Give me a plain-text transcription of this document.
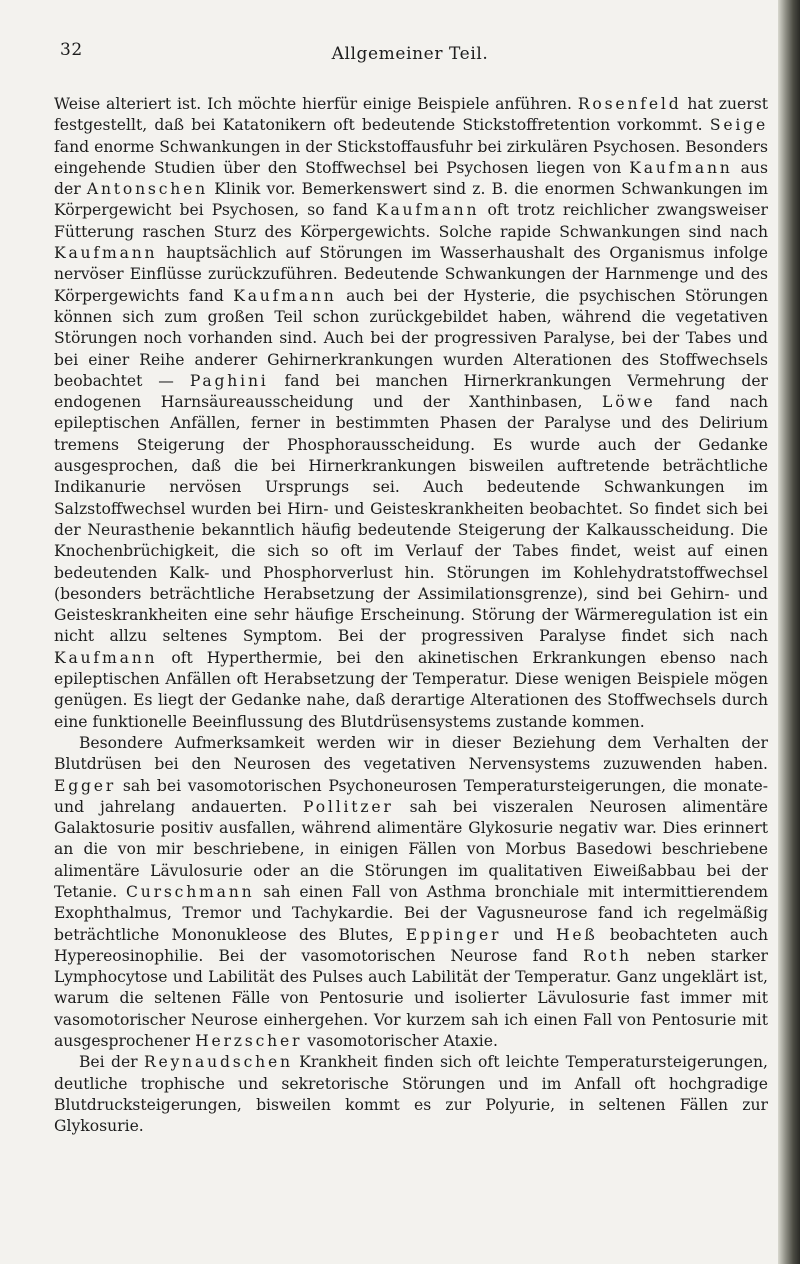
32	Allgemeiner Teil.

Weise alteriert ist. Ich möchte hierfür einige Beispiele anführen. Rosenfeld hat zuerst festgestellt, daß bei Katatonikern oft bedeutende Stickstoffretention vorkommt. Seige fand enorme Schwankungen in der Stickstoffausfuhr bei zirkulären Psychosen. Besonders eingehende Studien über den Stoffwechsel bei Psychosen liegen von Kaufmann aus der Antonschen Klinik vor. Bemerkenswert sind z. B. die enormen Schwankungen im Körpergewicht bei Psychosen, so fand Kaufmann oft trotz reichlicher zwangsweiser Fütterung raschen Sturz des Körpergewichts. Solche rapide Schwankungen sind nach Kaufmann hauptsächlich auf Störungen im Wasserhaushalt des Organismus infolge nervöser Einflüsse zurückzuführen. Bedeutende Schwankungen der Harnmenge und des Körpergewichts fand Kaufmann auch bei der Hysterie, die psychischen Störungen können sich zum großen Teil schon zurückgebildet haben, während die vegetativen Störungen noch vorhanden sind. Auch bei der progressiven Paralyse, bei der Tabes und bei einer Reihe anderer Gehirnerkrankungen wurden Alterationen des Stoffwechsels beobachtet — Paghini fand bei manchen Hirnerkrankungen Vermehrung der endogenen Harnsäureausscheidung und der Xanthinbasen, Löwe fand nach epileptischen Anfällen, ferner in bestimmten Phasen der Paralyse und des Delirium tremens Steigerung der Phosphorausscheidung. Es wurde auch der Gedanke ausgesprochen, daß die bei Hirnerkrankungen bisweilen auftretende beträchtliche Indikanurie nervösen Ursprungs sei. Auch bedeutende Schwankungen im Salzstoffwechsel wurden bei Hirn- und Geisteskrankheiten beobachtet. So findet sich bei der Neurasthenie bekanntlich häufig bedeutende Steigerung der Kalkausscheidung. Die Knochenbrüchigkeit, die sich so oft im Verlauf der Tabes findet, weist auf einen bedeutenden Kalk- und Phosphorverlust hin. Störungen im Kohlehydratstoffwechsel (besonders beträchtliche Herabsetzung der Assimilationsgrenze), sind bei Gehirn- und Geisteskrankheiten eine sehr häufige Erscheinung. Störung der Wärmeregulation ist ein nicht allzu seltenes Symptom. Bei der progressiven Paralyse findet sich nach Kaufmann oft Hyperthermie, bei den akinetischen Erkrankungen ebenso nach epileptischen Anfällen oft Herabsetzung der Temperatur. Diese wenigen Beispiele mögen genügen. Es liegt der Gedanke nahe, daß derartige Alterationen des Stoffwechsels durch eine funktionelle Beeinflussung des Blutdrüsensystems zustande kommen.

Besondere Aufmerksamkeit werden wir in dieser Beziehung dem Verhalten der Blutdrüsen bei den Neurosen des vegetativen Nervensystems zuzuwenden haben. Egger sah bei vasomotorischen Psychoneurosen Temperatursteigerungen, die monate- und jahrelang andauerten. Pollitzer sah bei viszeralen Neurosen alimentäre Galaktosurie positiv ausfallen, während alimentäre Glykosurie negativ war. Dies erinnert an die von mir beschriebene, in einigen Fällen von Morbus Basedowi beschriebene alimentäre Lävulosurie oder an die Störungen im qualitativen Eiweißabbau bei der Tetanie. Curschmann sah einen Fall von Asthma bronchiale mit intermittierendem Exophthalmus, Tremor und Tachykardie. Bei der Vagusneurose fand ich regelmäßig beträchtliche Mononukleose des Blutes, Eppinger und Heß beobachteten auch Hypereosinophilie. Bei der vasomotorischen Neurose fand Roth neben starker Lymphocytose und Labilität des Pulses auch Labilität der Temperatur. Ganz ungeklärt ist, warum die seltenen Fälle von Pentosurie und isolierter Lävulosurie fast immer mit vasomotorischer Neurose einhergehen. Vor kurzem sah ich einen Fall von Pentosurie mit ausgesprochener Herzscher vasomotorischer Ataxie.

Bei der Reynaudschen Krankheit finden sich oft leichte Temperatursteigerungen, deutliche trophische und sekretorische Störungen und im Anfall oft hochgradige Blutdrucksteigerungen, bisweilen kommt es zur Polyurie, in seltenen Fällen zur Glykosurie.
